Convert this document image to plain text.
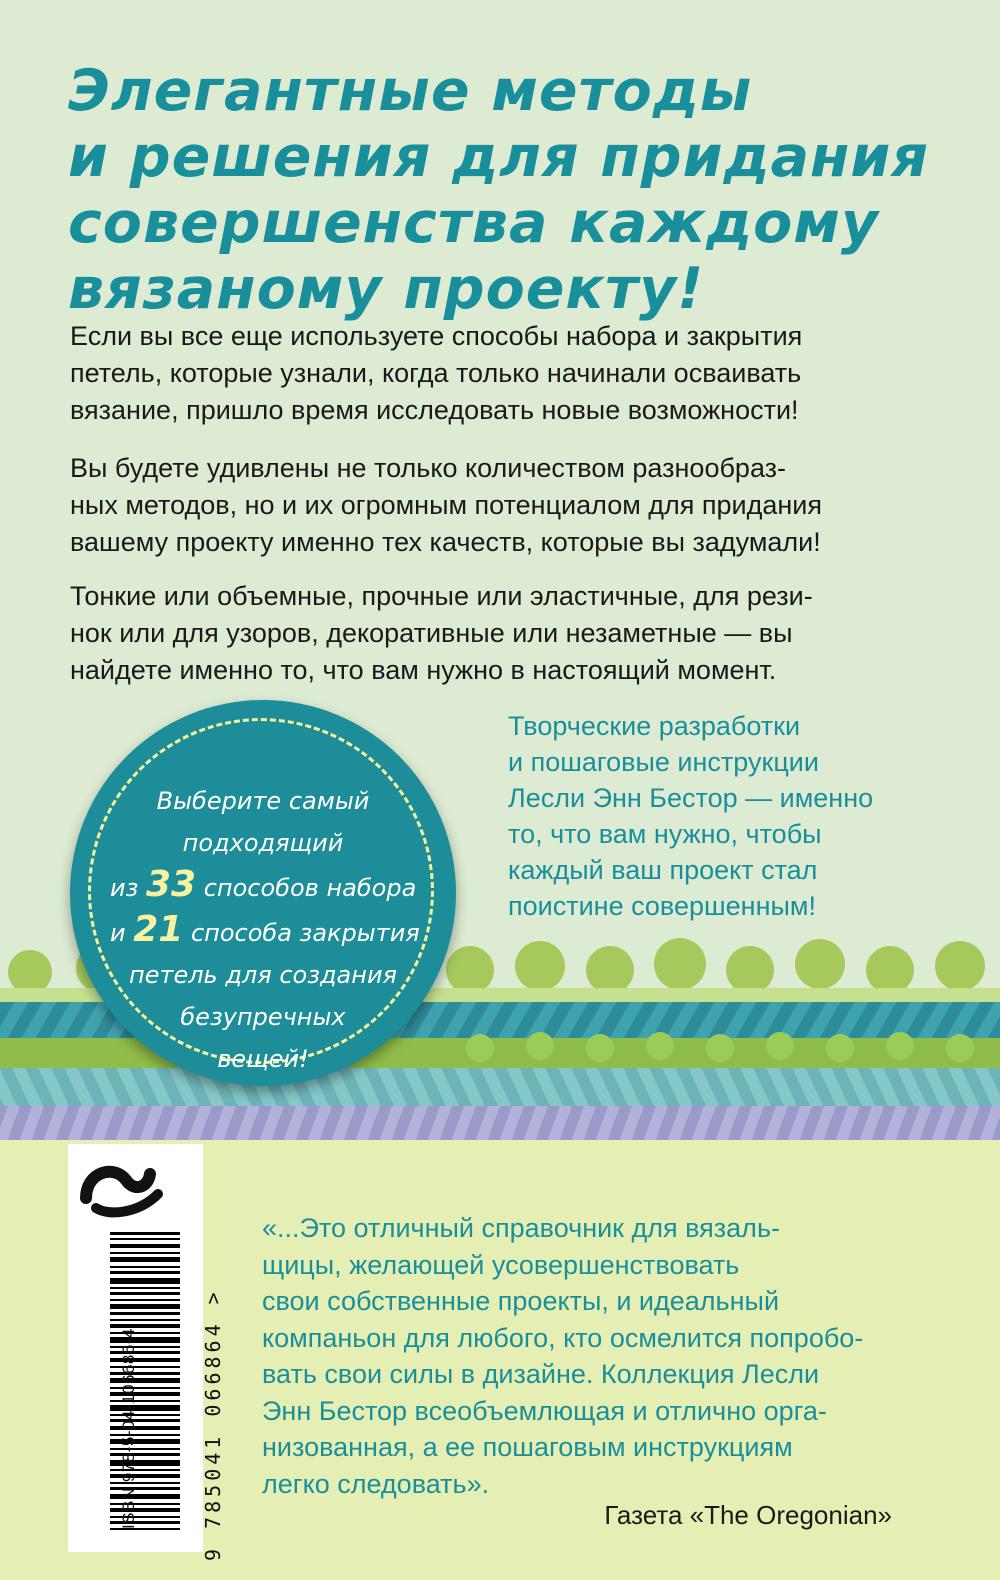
Элегантные методы
и решения для придания
совершенства каждому
вязаному проекту!
Если вы все еще используете способы набора и закрытия
петель, которые узнали, когда только начинали осваивать
вязание, пришло время исследовать новые возможности!
Вы будете удивлены не только количеством разнообраз-
ных методов, но и их огромным потенциалом для придания
вашему проекту именно тех качеств, которые вы задумали!
Тонкие или объемные, прочные или эластичные, для рези-
нок или для узоров, декоративные или незаметные — вы
найдете именно то, что вам нужно в настоящий момент.
Творческие разработки
и пошаговые инструкции
Лесли Энн Бестор — именно
то, что вам нужно, чтобы
каждый ваш проект стал
поистине совершенным!
Выберите самый
подходящий
из 33 способов набора
и 21 способа закрытия
петель для создания
безупречных
вещей!
ISBN 978-5-04-106686-4	9 785041 066864 >
«...Это отличный справочник для вязаль-
щицы, желающей усовершенствовать
свои собственные проекты, и идеальный
компаньон для любого, кто осмелится попробо-
вать свои силы в дизайне. Коллекция Лесли
Энн Бестор всеобъемлющая и отлично орга-
низованная, а ее пошаговым инструкциям
легко следовать».
Газета «The Oregonian»
